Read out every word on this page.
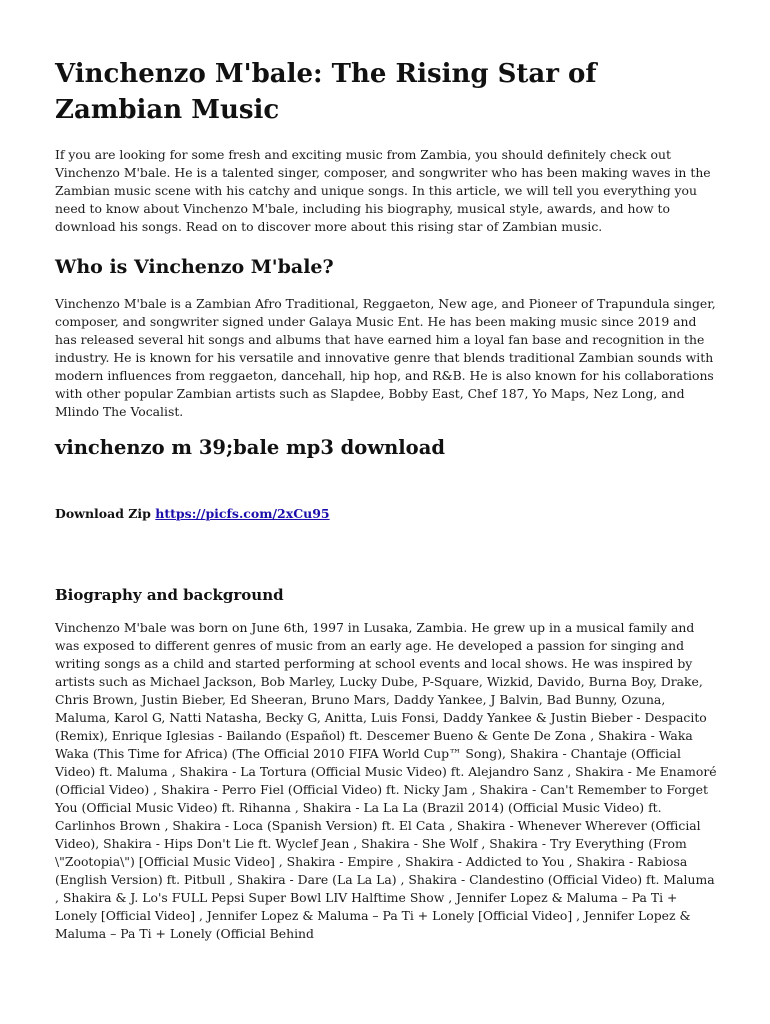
Vinchenzo M'bale: The Rising Star of Zambian Music

If you are looking for some fresh and exciting music from Zambia, you should definitely check out Vinchenzo M'bale. He is a talented singer, composer, and songwriter who has been making waves in the Zambian music scene with his catchy and unique songs. In this article, we will tell you everything you need to know about Vinchenzo M'bale, including his biography, musical style, awards, and how to download his songs. Read on to discover more about this rising star of Zambian music.

Who is Vinchenzo M'bale?

Vinchenzo M'bale is a Zambian Afro Traditional, Reggaeton, New age, and Pioneer of Trapundula singer, composer, and songwriter signed under Galaya Music Ent. He has been making music since 2019 and has released several hit songs and albums that have earned him a loyal fan base and recognition in the industry. He is known for his versatile and innovative genre that blends traditional Zambian sounds with modern influences from reggaeton, dancehall, hip hop, and R&B. He is also known for his collaborations with other popular Zambian artists such as Slapdee, Bobby East, Chef 187, Yo Maps, Nez Long, and Mlindo The Vocalist.

vinchenzo m 39;bale mp3 download
Download Zip https://picfs.com/2xCu95
Biography and background

Vinchenzo M'bale was born on June 6th, 1997 in Lusaka, Zambia. He grew up in a musical family and was exposed to different genres of music from an early age. He developed a passion for singing and writing songs as a child and started performing at school events and local shows. He was inspired by artists such as Michael Jackson, Bob Marley, Lucky Dube, P-Square, Wizkid, Davido, Burna Boy, Drake, Chris Brown, Justin Bieber, Ed Sheeran, Bruno Mars, Daddy Yankee, J Balvin, Bad Bunny, Ozuna, Maluma, Karol G, Natti Natasha, Becky G, Anitta, Luis Fonsi, Daddy Yankee & Justin Bieber - Despacito (Remix), Enrique Iglesias - Bailando (Español) ft. Descemer Bueno & Gente De Zona , Shakira - Waka Waka (This Time for Africa) (The Official 2010 FIFA World Cup™ Song), Shakira - Chantaje (Official Video) ft. Maluma , Shakira - La Tortura (Official Music Video) ft. Alejandro Sanz , Shakira - Me Enamoré (Official Video) , Shakira - Perro Fiel (Official Video) ft. Nicky Jam , Shakira - Can't Remember to Forget You (Official Music Video) ft. Rihanna , Shakira - La La La (Brazil 2014) (Official Music Video) ft. Carlinhos Brown , Shakira - Loca (Spanish Version) ft. El Cata , Shakira - Whenever Wherever (Official Video), Shakira - Hips Don't Lie ft. Wyclef Jean , Shakira - She Wolf , Shakira - Try Everything (From \"Zootopia\") [Official Music Video] , Shakira - Empire , Shakira - Addicted to You , Shakira - Rabiosa (English Version) ft. Pitbull , Shakira - Dare (La La La) , Shakira - Clandestino (Official Video) ft. Maluma , Shakira & J. Lo's FULL Pepsi Super Bowl LIV Halftime Show , Jennifer Lopez & Maluma – Pa Ti + Lonely [Official Video] , Jennifer Lopez & Maluma – Pa Ti + Lonely [Official Video] , Jennifer Lopez & Maluma – Pa Ti + Lonely (Official Behind
